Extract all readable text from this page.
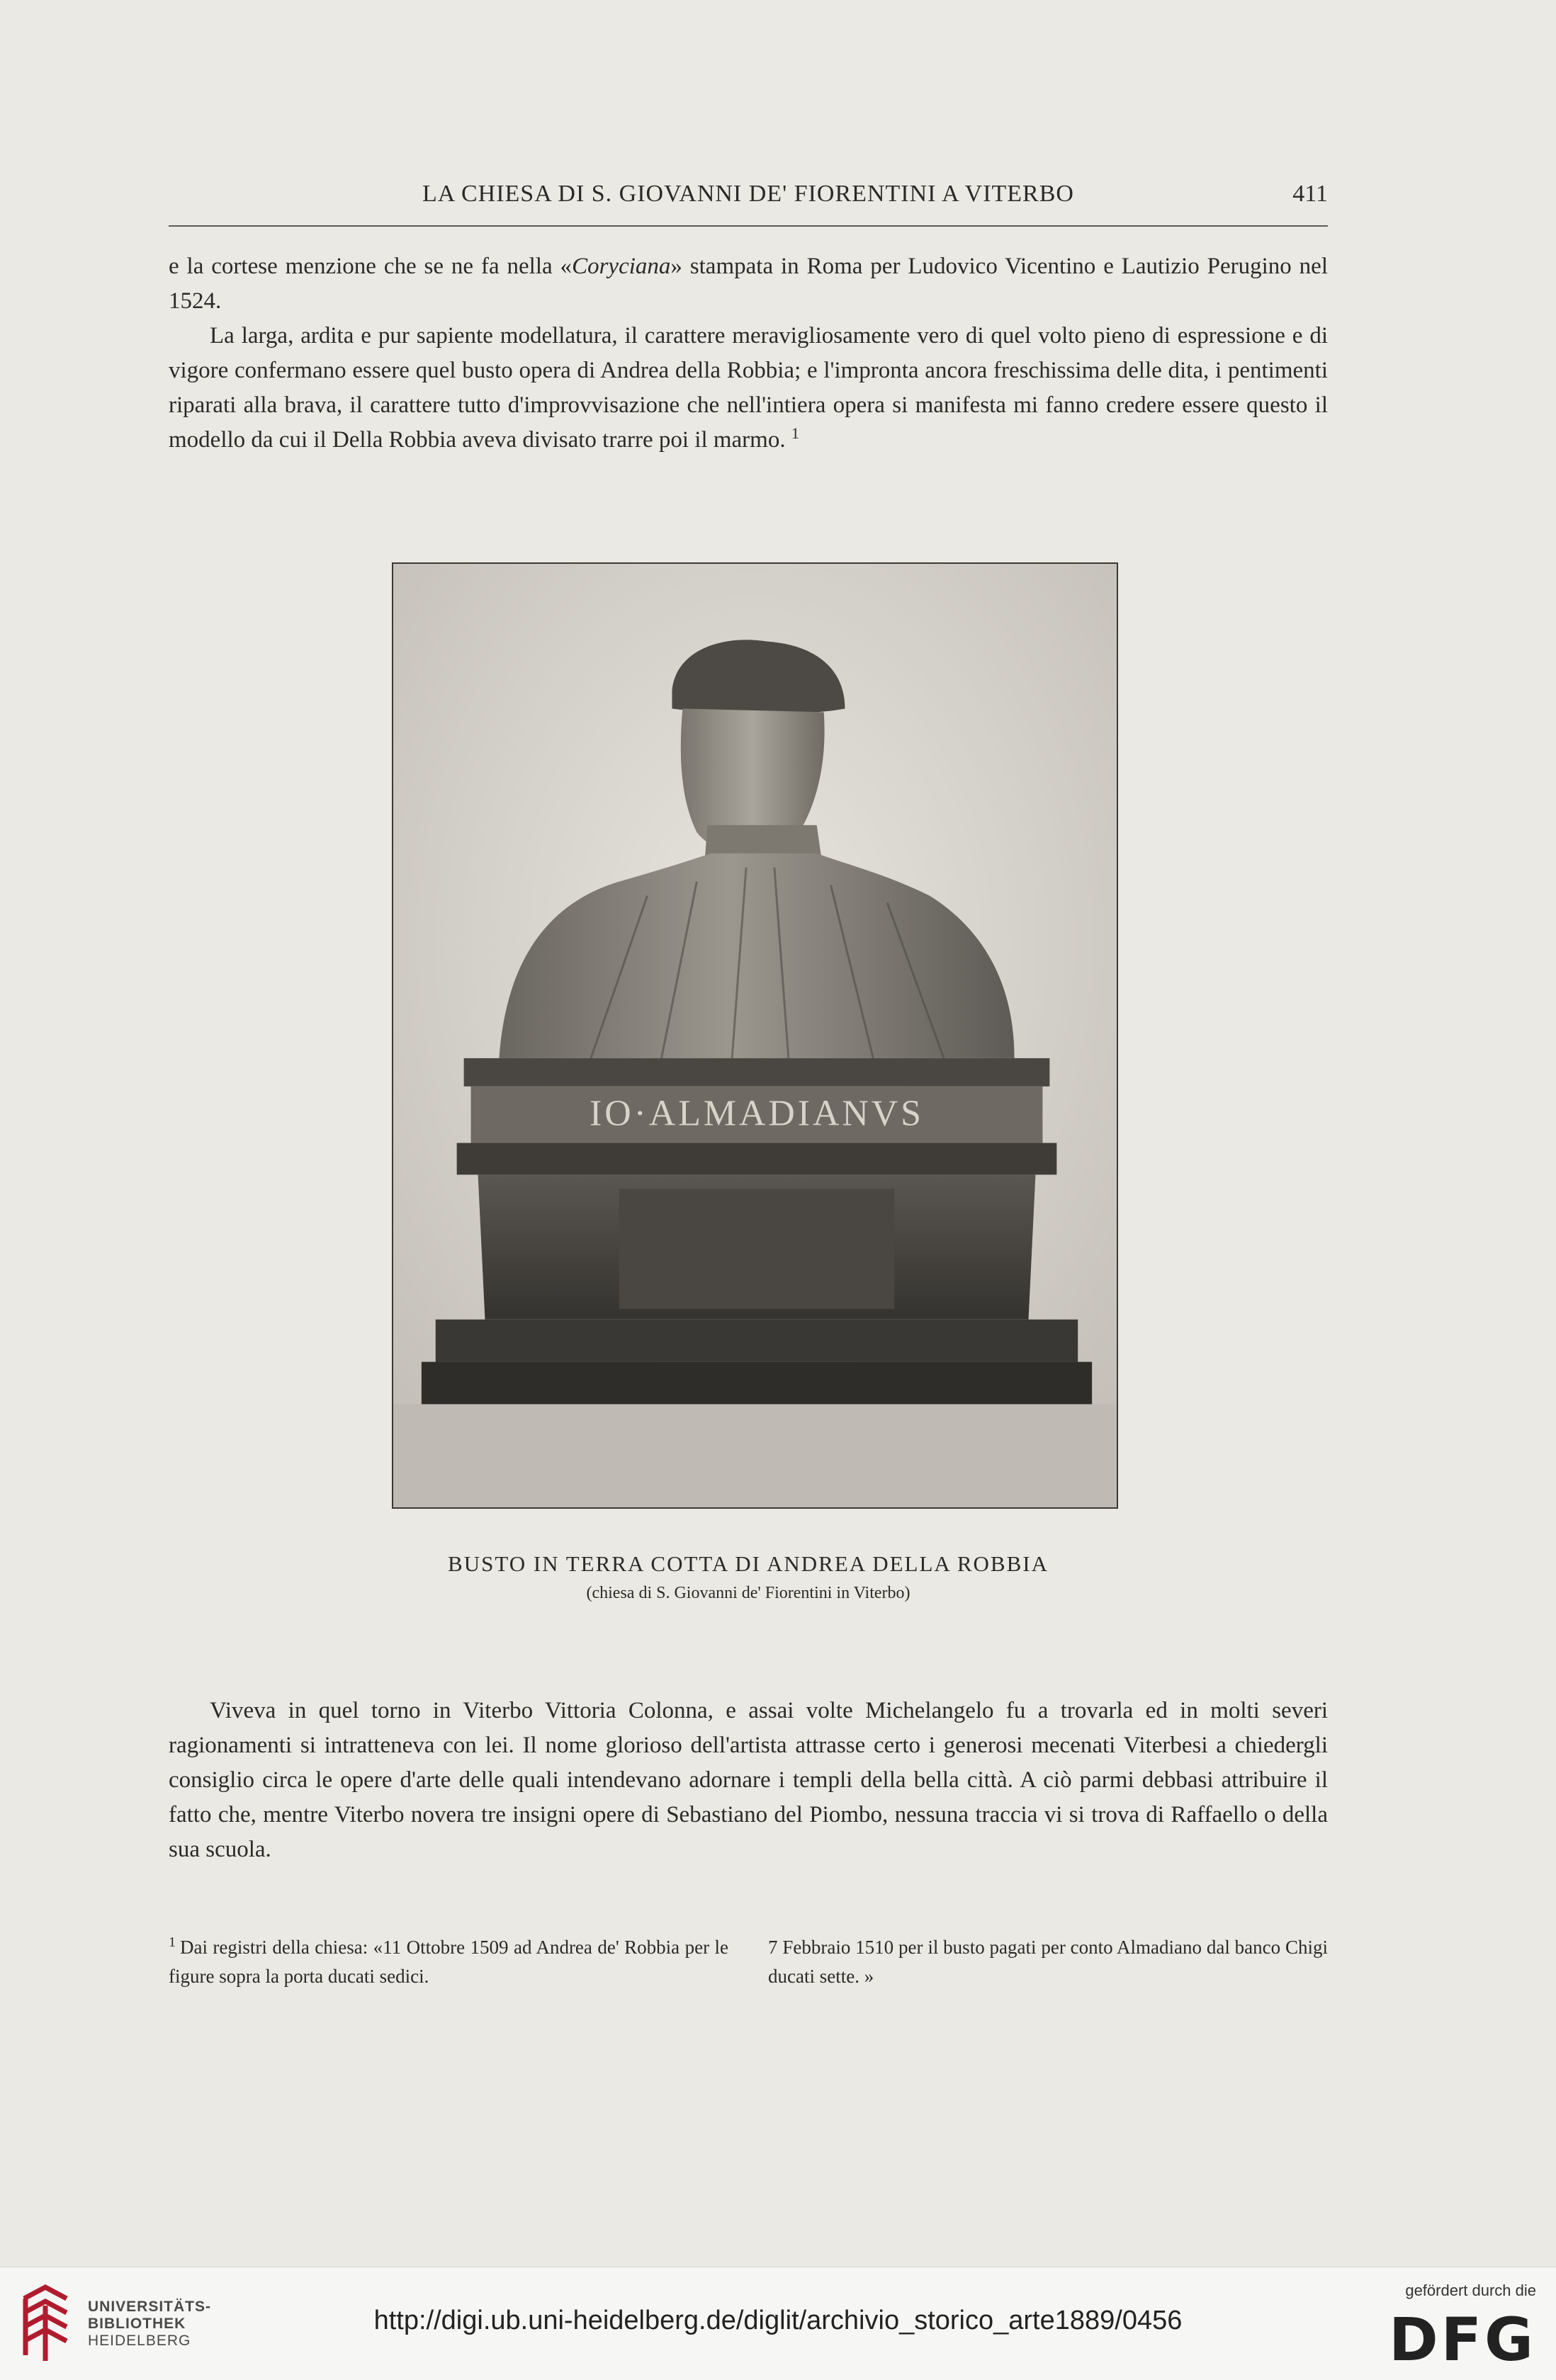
LA CHIESA DI S. GIOVANNI DE' FIORENTINI A VITERBO	411

e la cortese menzione che se ne fa nella «Coryciana» stampata in Roma per Ludovico Vicentino e Lautizio Perugino nel 1524.

La larga, ardita e pur sapiente modellatura, il carattere meravigliosamente vero di quel volto pieno di espressione e di vigore confermano essere quel busto opera di Andrea della Robbia; e l'impronta ancora freschissima delle dita, i pentimenti riparati alla brava, il carattere tutto d'improvvisazione che nell'intiera opera si manifesta mi fanno credere essere questo il modello da cui il Della Robbia aveva divisato trarre poi il marmo. $^1$

IO·ALMADIANVS
BUSTO IN TERRA COTTA DI ANDREA DELLA ROBBIA
(chiesa di S. Giovanni de' Fiorentini in Viterbo)

Viveva in quel torno in Viterbo Vittoria Colonna, e assai volte Michelangelo fu a trovarla ed in molti severi ragionamenti si intratteneva con lei. Il nome glorioso dell'artista attrasse certo i generosi mecenati Viterbesi a chiedergli consiglio circa le opere d'arte delle quali intendevano adornare i templi della bella città. A ciò parmi debbasi attribuire il fatto che, mentre Viterbo novera tre insigni opere di Sebastiano del Piombo, nessuna traccia vi si trova di Raffaello o della sua scuola.

$^1$ Dai registri della chiesa: «11 Ottobre 1509 ad Andrea de' Robbia per le figure sopra la porta ducati sedici.
7 Febbraio 1510 per il busto pagati per conto Almadiano dal banco Chigi ducati sette. »
UNIVERSITÄTS-
BIBLIOTHEK
HEIDELBERG
http://digi.ub.uni-heidelberg.de/diglit/archivio_storico_arte1889/0456
gefördert durch die
DFG
